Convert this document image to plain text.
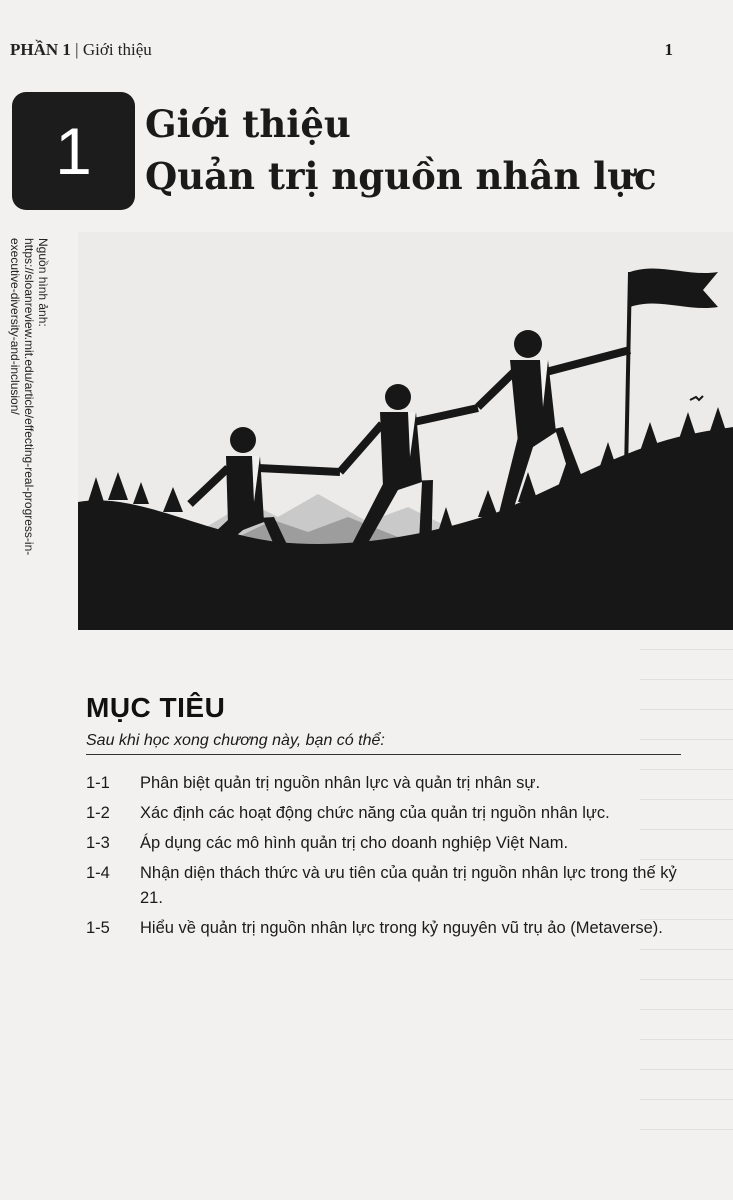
PHẦN 1 | Giới thiệu	1
1 Giới thiệu
Quản trị nguồn nhân lực
Nguồn hình ảnh:
https://sloanreview.mit.edu/article/effecting-real-progress-in-executive-diversity-and-inclusion/
MỤC TIÊU
Sau khi học xong chương này, bạn có thể:
1-1	Phân biệt quản trị nguồn nhân lực và quản trị nhân sự.
1-2	Xác định các hoạt động chức năng của quản trị nguồn nhân lực.
1-3	Áp dụng các mô hình quản trị cho doanh nghiệp Việt Nam.
1-4	Nhận diện thách thức và ưu tiên của quản trị nguồn nhân lực trong thế kỷ 21.
1-5	Hiểu về quản trị nguồn nhân lực trong kỷ nguyên vũ trụ ảo (Metaverse).
